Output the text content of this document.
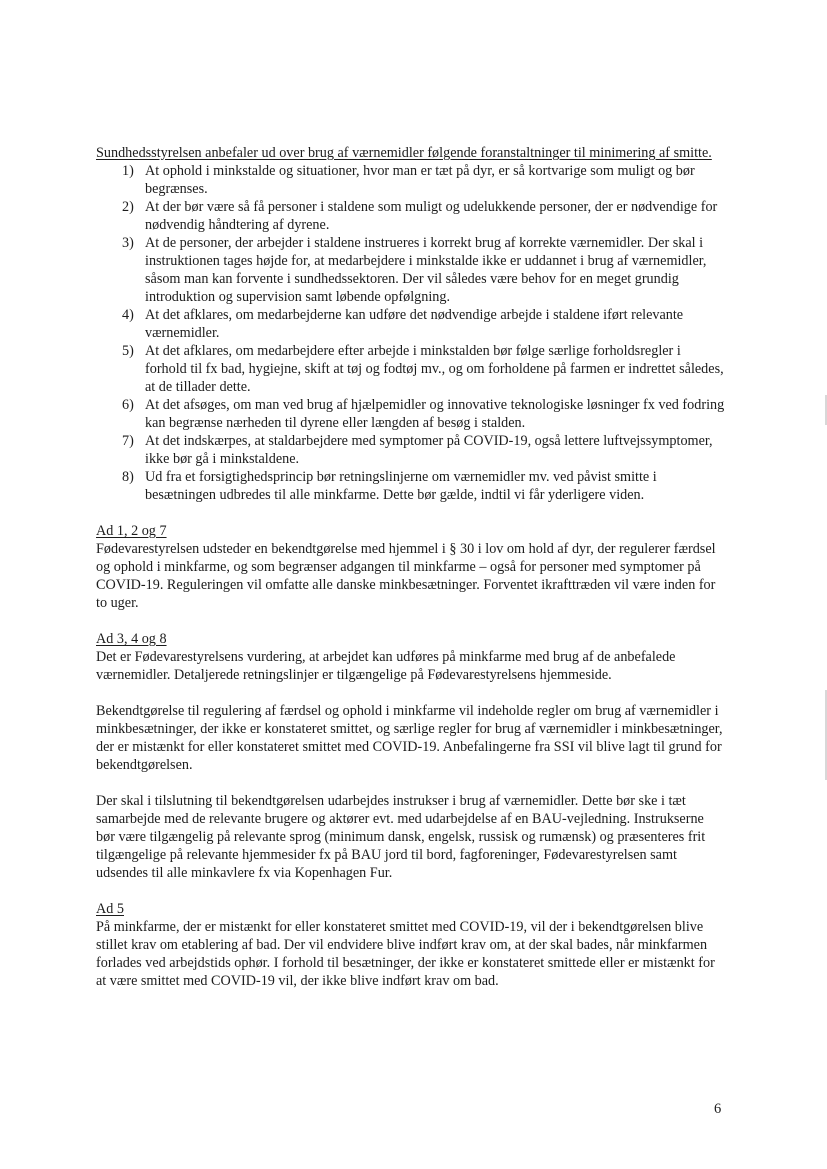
Sundhedsstyrelsen anbefaler ud over brug af værnemidler følgende foranstaltninger til minimering af smitte.

1) At ophold i minkstalde og situationer, hvor man er tæt på dyr, er så kortvarige som muligt og bør begrænses.
2) At der bør være så få personer i staldene som muligt og udelukkende personer, der er nødvendige for nødvendig håndtering af dyrene.
3) At de personer, der arbejder i staldene instrueres i korrekt brug af korrekte værnemidler. Der skal i instruktionen tages højde for, at medarbejdere i minkstalde ikke er uddannet i brug af værnemidler, såsom man kan forvente i sundhedssektoren. Der vil således være behov for en meget grundig introduktion og supervision samt løbende opfølgning.
4) At det afklares, om medarbejderne kan udføre det nødvendige arbejde i staldene iført relevante værnemidler.
5) At det afklares, om medarbejdere efter arbejde i minkstalden bør følge særlige forholdsregler i forhold til fx bad, hygiejne, skift at tøj og fodtøj mv., og om forholdene på farmen er indrettet således, at de tillader dette.
6) At det afsøges, om man ved brug af hjælpemidler og innovative teknologiske løsninger fx ved fodring kan begrænse nærheden til dyrene eller længden af besøg i stalden.
7) At det indskærpes, at staldarbejdere med symptomer på COVID-19, også lettere luftvejssymptomer, ikke bør gå i minkstaldene.
8) Ud fra et forsigtighedsprincip bør retningslinjerne om værnemidler mv. ved påvist smitte i besætningen udbredes til alle minkfarme. Dette bør gælde, indtil vi får yderligere viden.

Ad 1, 2 og 7

Fødevarestyrelsen udsteder en bekendtgørelse med hjemmel i § 30 i lov om hold af dyr, der regulerer færdsel og ophold i minkfarme, og som begrænser adgangen til minkfarme – også for personer med symptomer på COVID-19. Reguleringen vil omfatte alle danske minkbesætninger. Forventet ikrafttræden vil være inden for to uger.

Ad 3, 4 og 8

Det er Fødevarestyrelsens vurdering, at arbejdet kan udføres på minkfarme med brug af de anbefalede værnemidler. Detaljerede retningslinjer er tilgængelige på Fødevarestyrelsens hjemmeside.

Bekendtgørelse til regulering af færdsel og ophold i minkfarme vil indeholde regler om brug af værnemidler i minkbesætninger, der ikke er konstateret smittet, og særlige regler for brug af værnemidler i minkbesætninger, der er mistænkt for eller konstateret smittet med COVID-19. Anbefalingerne fra SSI vil blive lagt til grund for bekendtgørelsen.

Der skal i tilslutning til bekendtgørelsen udarbejdes instrukser i brug af værnemidler. Dette bør ske i tæt samarbejde med de relevante brugere og aktører evt. med udarbejdelse af en BAU-vejledning. Instrukserne bør være tilgængelig på relevante sprog (minimum dansk, engelsk, russisk og rumænsk) og præsenteres frit tilgængelige på relevante hjemmesider fx på BAU jord til bord, fagforeninger, Fødevarestyrelsen samt udsendes til alle minkavlere fx via Kopenhagen Fur.

Ad 5

På minkfarme, der er mistænkt for eller konstateret smittet med COVID-19, vil der i bekendtgørelsen blive stillet krav om etablering af bad. Der vil endvidere blive indført krav om, at der skal bades, når minkfarmen forlades ved arbejdstids ophør. I forhold til besætninger, der ikke er konstateret smittede eller er mistænkt for at være smittet med COVID-19 vil, der ikke blive indført krav om bad.

6
